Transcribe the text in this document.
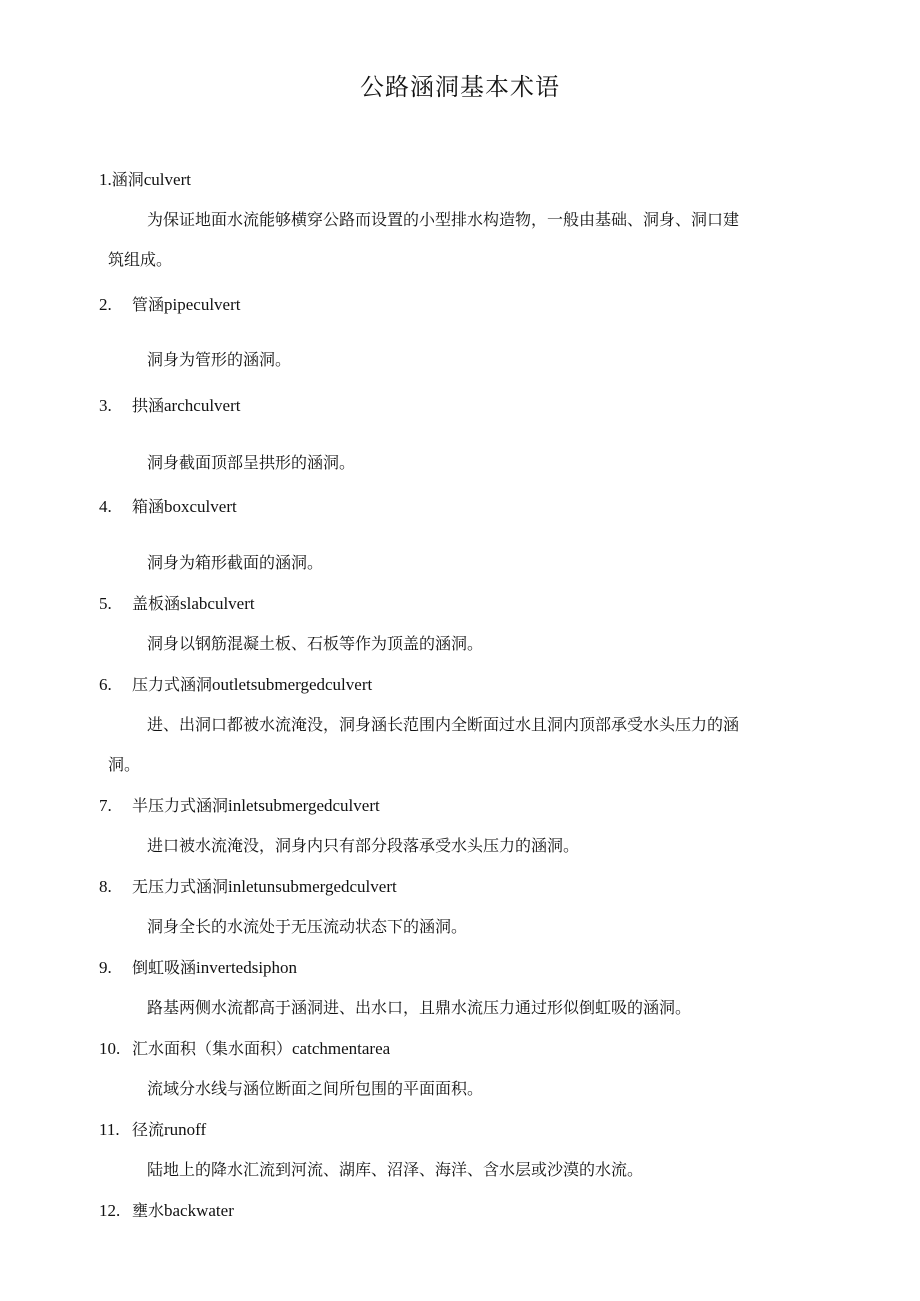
公路涵洞基本术语
1.涵洞culvert
为保证地面水流能够横穿公路而设置的小型排水构造物，一般由基础、洞身、洞口建
筑组成。
2. 管涵pipeculvert
洞身为管形的涵洞。
3. 拱涵archculvert
洞身截面顶部呈拱形的涵洞。
4. 箱涵boxculvert
洞身为箱形截面的涵洞。
5. 盖板涵slabculvert
洞身以钢筋混凝土板、石板等作为顶盖的涵洞。
6. 压力式涵洞outletsubmergedculvert
进、出洞口都被水流淹没，洞身涵长范围内全断面过水且洞内顶部承受水头压力的涵
洞。
7. 半压力式涵洞inletsubmergedculvert
进口被水流淹没，洞身内只有部分段落承受水头压力的涵洞。
8. 无压力式涵洞inletunsubmergedculvert
洞身全长的水流处于无压流动状态下的涵洞。
9. 倒虹吸涵invertedsiphon
路基两侧水流都高于涵洞进、出水口，且鼎水流压力通过形似倒虹吸的涵洞。
10. 汇水面积（集水面积）catchmentarea
流域分水线与涵位断面之间所包围的平面面积。
11. 径流runoff
陆地上的降水汇流到河流、湖库、沼泽、海洋、含水层或沙漠的水流。
12. 壅水backwater
